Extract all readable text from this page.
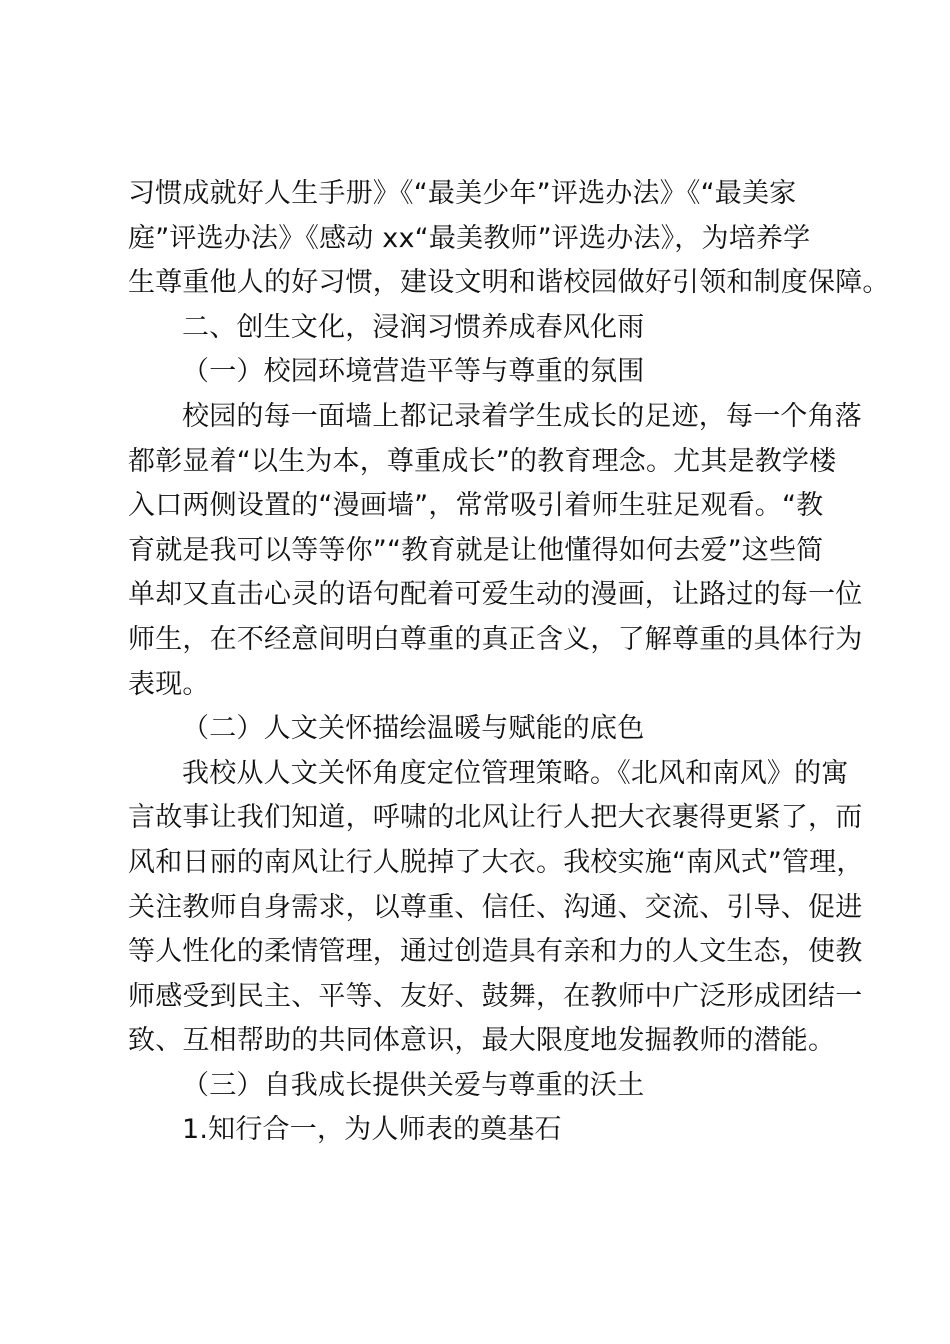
习惯成就好人生手册》《“最美少年”评选办法》《“最美家
庭”评选办法》《感动 xx“最美教师”评选办法》，为培养学
生尊重他人的好习惯，建设文明和谐校园做好引领和制度保障。
二、创生文化，浸润习惯养成春风化雨
（一）校园环境营造平等与尊重的氛围
校园的每一面墙上都记录着学生成长的足迹，每一个角落
都彰显着“以生为本，尊重成长”的教育理念。尤其是教学楼
入口两侧设置的“漫画墙”，常常吸引着师生驻足观看。“教
育就是我可以等等你”“教育就是让他懂得如何去爱”这些简
单却又直击心灵的语句配着可爱生动的漫画，让路过的每一位
师生，在不经意间明白尊重的真正含义，了解尊重的具体行为
表现。
（二）人文关怀描绘温暖与赋能的底色
我校从人文关怀角度定位管理策略。《北风和南风》的寓
言故事让我们知道，呼啸的北风让行人把大衣裹得更紧了，而
风和日丽的南风让行人脱掉了大衣。我校实施“南风式”管理，
关注教师自身需求，以尊重、信任、沟通、交流、引导、促进
等人性化的柔情管理，通过创造具有亲和力的人文生态，使教
师感受到民主、平等、友好、鼓舞，在教师中广泛形成团结一
致、互相帮助的共同体意识，最大限度地发掘教师的潜能。
（三）自我成长提供关爱与尊重的沃土
1.知行合一，为人师表的奠基石
